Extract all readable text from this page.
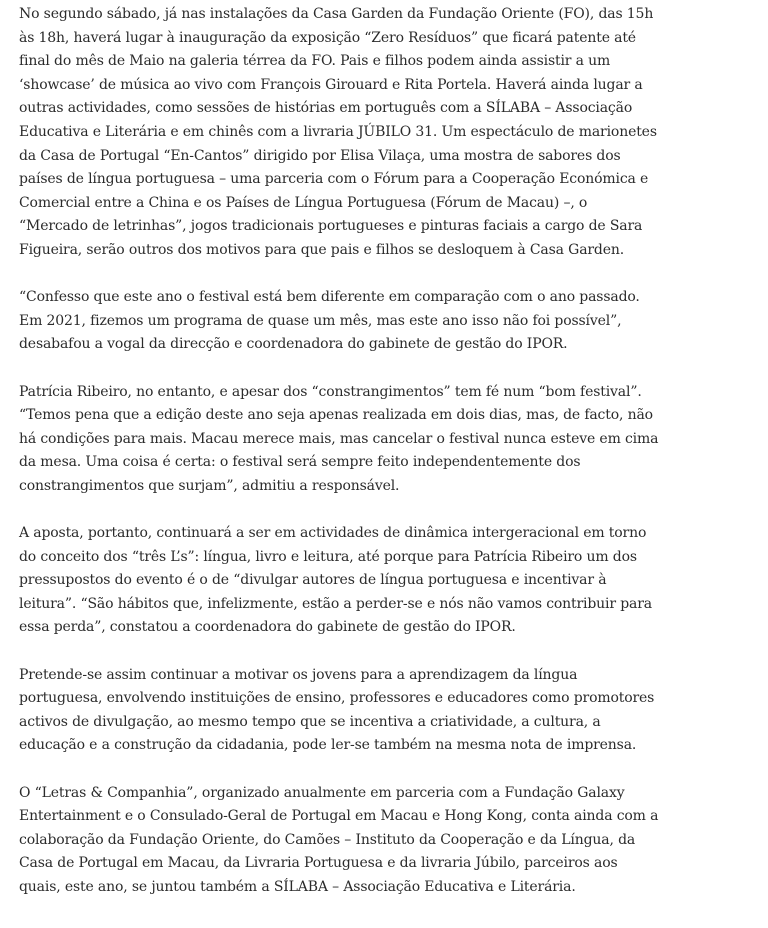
No segundo sábado, já nas instalações da Casa Garden da Fundação Oriente (FO), das 15h às 18h, haverá lugar à inauguração da exposição “Zero Resíduos” que ficará patente até final do mês de Maio na galeria térrea da FO. Pais e filhos podem ainda assistir a um ‘showcase’ de música ao vivo com François Girouard e Rita Portela. Haverá ainda lugar a outras actividades, como sessões de histórias em português com a SÍLABA – Associação Educativa e Literária e em chinês com a livraria JÚBILO 31. Um espectáculo de marionetes da Casa de Portugal “En-Cantos” dirigido por Elisa Vilaça, uma mostra de sabores dos países de língua portuguesa – uma parceria com o Fórum para a Cooperação Económica e Comercial entre a China e os Países de Língua Portuguesa (Fórum de Macau) –, o “Mercado de letrinhas”, jogos tradicionais portugueses e pinturas faciais a cargo de Sara Figueira, serão outros dos motivos para que pais e filhos se desloquem à Casa Garden.

“Confesso que este ano o festival está bem diferente em comparação com o ano passado. Em 2021, fizemos um programa de quase um mês, mas este ano isso não foi possível”, desabafou a vogal da direcção e coordenadora do gabinete de gestão do IPOR.

Patrícia Ribeiro, no entanto, e apesar dos “constrangimentos” tem fé num “bom festival”. “Temos pena que a edição deste ano seja apenas realizada em dois dias, mas, de facto, não há condições para mais. Macau merece mais, mas cancelar o festival nunca esteve em cima da mesa. Uma coisa é certa: o festival será sempre feito independentemente dos constrangimentos que surjam”, admitiu a responsável.

A aposta, portanto, continuará a ser em actividades de dinâmica intergeracional em torno do conceito dos “três L’s”: língua, livro e leitura, até porque para Patrícia Ribeiro um dos pressupostos do evento é o de “divulgar autores de língua portuguesa e incentivar à leitura”. “São hábitos que, infelizmente, estão a perder-se e nós não vamos contribuir para essa perda”, constatou a coordenadora do gabinete de gestão do IPOR.

Pretende-se assim continuar a motivar os jovens para a aprendizagem da língua portuguesa, envolvendo instituições de ensino, professores e educadores como promotores activos de divulgação, ao mesmo tempo que se incentiva a criatividade, a cultura, a educação e a construção da cidadania, pode ler-se também na mesma nota de imprensa.

O “Letras & Companhia”, organizado anualmente em parceria com a Fundação Galaxy Entertainment e o Consulado-Geral de Portugal em Macau e Hong Kong, conta ainda com a colaboração da Fundação Oriente, do Camões – Instituto da Cooperação e da Língua, da Casa de Portugal em Macau, da Livraria Portuguesa e da livraria Júbilo, parceiros aos quais, este ano, se juntou também a SÍLABA – Associação Educativa e Literária.
